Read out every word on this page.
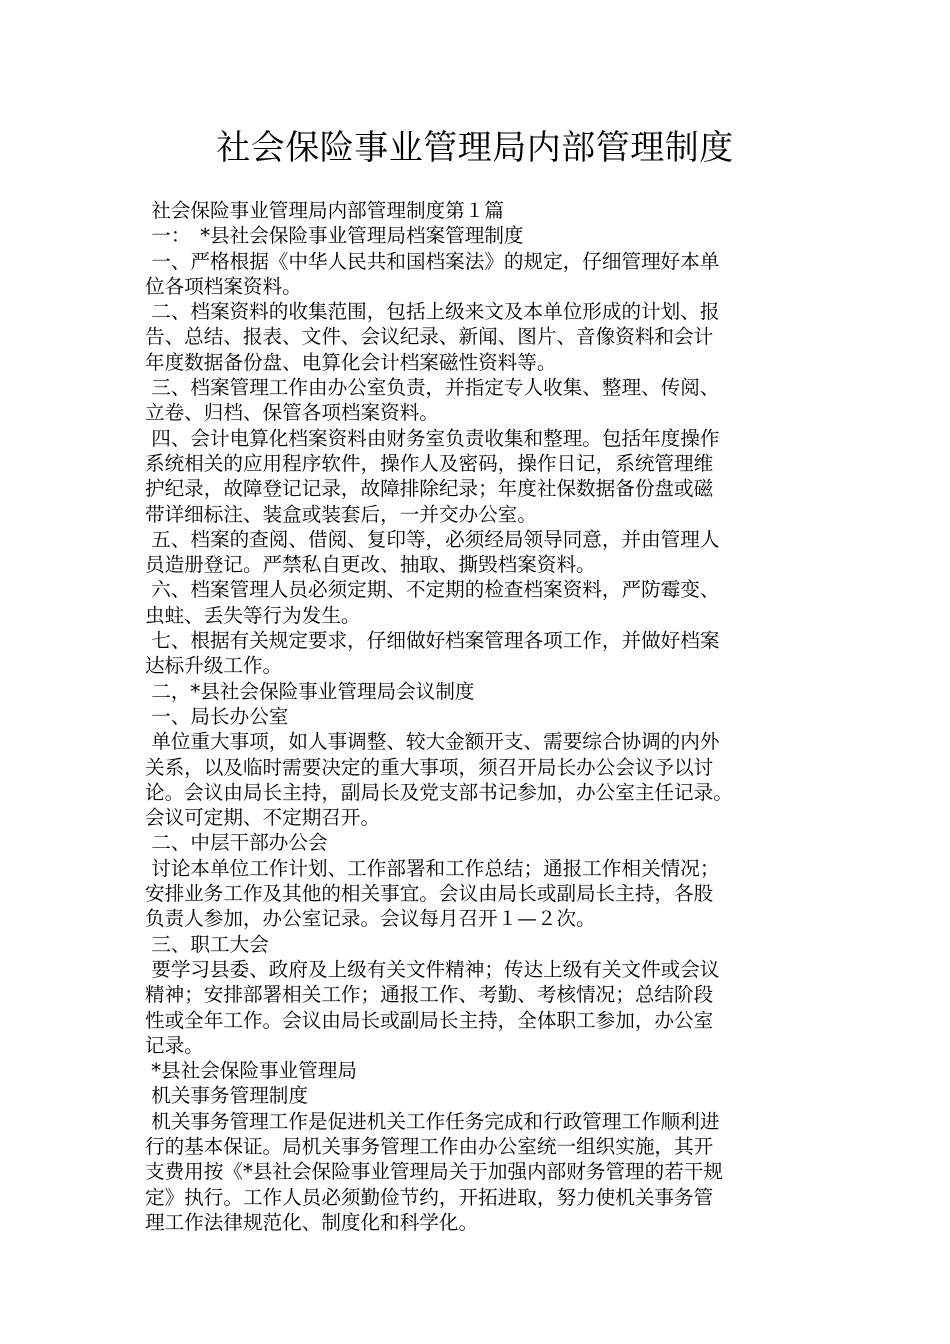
社会保险事业管理局内部管理制度
社会保险事业管理局内部管理制度第１篇
一：　*县社会保险事业管理局档案管理制度
一、严格根据《中华人民共和国档案法》的规定，仔细管理好本单
位各项档案资料。
二、档案资料的收集范围，包括上级来文及本单位形成的计划、报
告、总结、报表、文件、会议纪录、新闻、图片、音像资料和会计
年度数据备份盘、电算化会计档案磁性资料等。
三、档案管理工作由办公室负责，并指定专人收集、整理、传阅、
立卷、归档、保管各项档案资料。
四、会计电算化档案资料由财务室负责收集和整理。包括年度操作
系统相关的应用程序软件，操作人及密码，操作日记，系统管理维
护纪录，故障登记记录，故障排除纪录；年度社保数据备份盘或磁
带详细标注、装盒或装套后，一并交办公室。
五、档案的查阅、借阅、复印等，必须经局领导同意，并由管理人
员造册登记。严禁私自更改、抽取、撕毁档案资料。
六、档案管理人员必须定期、不定期的检查档案资料，严防霉变、
虫蛀、丢失等行为发生。
七、根据有关规定要求，仔细做好档案管理各项工作，并做好档案
达标升级工作。
二，*县社会保险事业管理局会议制度
一、局长办公室
单位重大事项，如人事调整、较大金额开支、需要综合协调的内外
关系，以及临时需要决定的重大事项，须召开局长办公会议予以讨
论。会议由局长主持，副局长及党支部书记参加，办公室主任记录。
会议可定期、不定期召开。
二、中层干部办公会
讨论本单位工作计划、工作部署和工作总结；通报工作相关情况；
安排业务工作及其他的相关事宜。会议由局长或副局长主持，各股
负责人参加，办公室记录。会议每月召开１—２次。
三、职工大会
要学习县委、政府及上级有关文件精神；传达上级有关文件或会议
精神；安排部署相关工作；通报工作、考勤、考核情况；总结阶段
性或全年工作。会议由局长或副局长主持，全体职工参加，办公室
记录。
*县社会保险事业管理局
机关事务管理制度
机关事务管理工作是促进机关工作任务完成和行政管理工作顺利进
行的基本保证。局机关事务管理工作由办公室统一组织实施，其开
支费用按《*县社会保险事业管理局关于加强内部财务管理的若干规
定》执行。工作人员必须勤俭节约，开拓进取，努力使机关事务管
理工作法律规范化、制度化和科学化。
